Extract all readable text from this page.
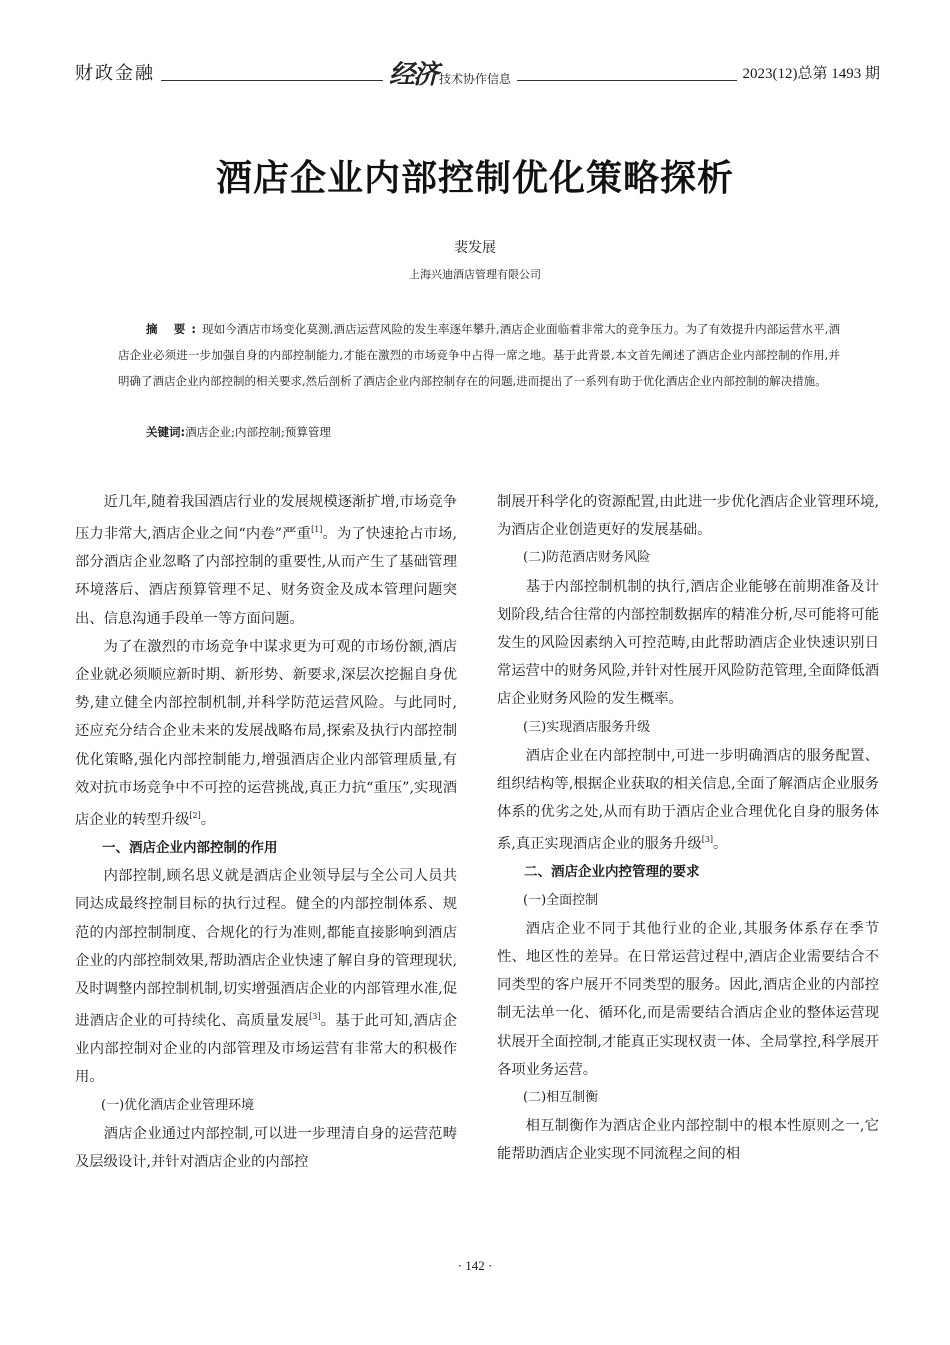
财政金融	经济 技术协作信息	2023(12)总第 1493 期
酒店企业内部控制优化策略探析
裴发展
上海兴迪酒店管理有限公司
摘 要:现如今酒店市场变化莫测,酒店运营风险的发生率逐年攀升,酒店企业面临着非常大的竞争压力。为了有效提升内部运营水平,酒店企业必须进一步加强自身的内部控制能力,才能在激烈的市场竞争中占得一席之地。基于此背景,本文首先阐述了酒店企业内部控制的作用,并明确了酒店企业内部控制的相关要求,然后剖析了酒店企业内部控制存在的问题,进而提出了一系列有助于优化酒店企业内部控制的解决措施。
关键词:酒店企业;内部控制;预算管理

近几年,随着我国酒店行业的发展规模逐渐扩增,市场竞争压力非常大,酒店企业之间“内卷”严重[1]。为了快速抢占市场,部分酒店企业忽略了内部控制的重要性,从而产生了基础管理环境落后、酒店预算管理不足、财务资金及成本管理问题突出、信息沟通手段单一等方面问题。

为了在激烈的市场竞争中谋求更为可观的市场份额,酒店企业就必须顺应新时期、新形势、新要求,深层次挖掘自身优势,建立健全内部控制机制,并科学防范运营风险。与此同时,还应充分结合企业未来的发展战略布局,探索及执行内部控制优化策略,强化内部控制能力,增强酒店企业内部管理质量,有效对抗市场竞争中不可控的运营挑战,真正力抗“重压”,实现酒店企业的转型升级[2]。

一、酒店企业内部控制的作用

内部控制,顾名思义就是酒店企业领导层与全公司人员共同达成最终控制目标的执行过程。健全的内部控制体系、规范的内部控制制度、合规化的行为准则,都能直接影响到酒店企业的内部控制效果,帮助酒店企业快速了解自身的管理现状,及时调整内部控制机制,切实增强酒店企业的内部管理水准,促进酒店企业的可持续化、高质量发展[3]。基于此可知,酒店企业内部控制对企业的内部管理及市场运营有非常大的积极作用。

(一)优化酒店企业管理环境

酒店企业通过内部控制,可以进一步理清自身的运营范畴及层级设计,并针对酒店企业的内部控

制展开科学化的资源配置,由此进一步优化酒店企业管理环境,为酒店企业创造更好的发展基础。

(二)防范酒店财务风险

基于内部控制机制的执行,酒店企业能够在前期准备及计划阶段,结合往常的内部控制数据库的精准分析,尽可能将可能发生的风险因素纳入可控范畴,由此帮助酒店企业快速识别日常运营中的财务风险,并针对性展开风险防范管理,全面降低酒店企业财务风险的发生概率。

(三)实现酒店服务升级

酒店企业在内部控制中,可进一步明确酒店的服务配置、组织结构等,根据企业获取的相关信息,全面了解酒店企业服务体系的优劣之处,从而有助于酒店企业合理优化自身的服务体系,真正实现酒店企业的服务升级[3]。

二、酒店企业内控管理的要求

(一)全面控制

酒店企业不同于其他行业的企业,其服务体系存在季节性、地区性的差异。在日常运营过程中,酒店企业需要结合不同类型的客户展开不同类型的服务。因此,酒店企业的内部控制无法单一化、循环化,而是需要结合酒店企业的整体运营现状展开全面控制,才能真正实现权责一体、全局掌控,科学展开各项业务运营。

(二)相互制衡

相互制衡作为酒店企业内部控制中的根本性原则之一,它能帮助酒店企业实现不同流程之间的相

· 142 ·
